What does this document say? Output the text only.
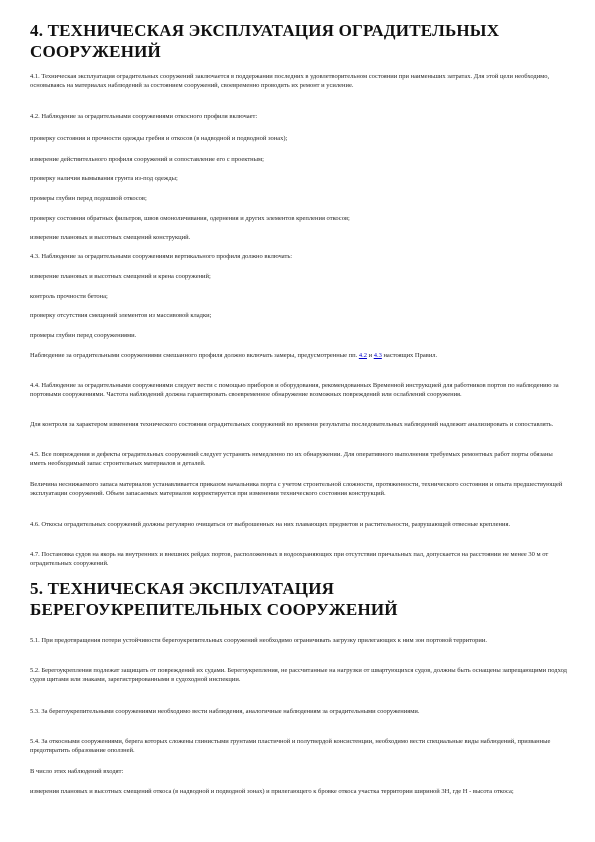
4. ТЕХНИЧЕСКАЯ ЭКСПЛУАТАЦИЯ ОГРАДИТЕЛЬНЫХ
СООРУЖЕНИЙ

4.1. Техническая эксплуатация оградительных сооружений заключается в поддержании последних в удовлетворительном состоянии при наименьших затратах. Для этой цели необходимо, основываясь на материалах наблюдений за состоянием сооружений, своевременно проводить их ремонт и усиление.

4.2. Наблюдение за оградительными сооружениями откосного профиля включает:

проверку состояния и прочности одежды гребня и откосов (в надводной и подводной зонах);

измерение действительного профиля сооружений и сопоставление его с проектным;

проверку наличия вымывания грунта из-под одежды;

промеры глубин перед подошвой откосов;

проверку состояния обратных фильтров, швов омоноличивания, одернения и других элементов крепления откосов;

измерение плановых и высотных смещений конструкций.

4.3. Наблюдение за оградительными сооружениями вертикального профиля должно включать:

измерение плановых и высотных смещений и крена сооружений;

контроль прочности бетона;

проверку отсутствия смещений элементов из массивовой кладки;

промеры глубин перед сооружениями.

Наблюдение за оградительными сооружениями смешанного профиля должно включать замеры, предусмотренные пп. 4.2 и 4.3 настоящих Правил.

4.4. Наблюдение за оградительными сооружениями следует вести с помощью приборов и оборудования, рекомендованных Временной инструкцией для работников портов по наблюдению за портовыми сооружениями. Частота наблюдений должна гарантировать своевременное обнаружение возможных повреждений или ослаблений сооружения.

Для контроля за характером изменения технического состояния оградительных сооружений во времени результаты последовательных наблюдений надлежит анализировать и сопоставлять.

4.5. Все повреждения и дефекты оградительных сооружений следует устранять немедленно по их обнаружении. Для оперативного выполнения требуемых ремонтных работ порты обязаны иметь необходимый запас строительных материалов и деталей.

Величина неснижаемого запаса материалов устанавливается приказом начальника порта с учетом строительной сложности, протяженности, технического состояния и опыта предшествующей эксплуатации сооружений. Объем запасаемых материалов корректируется при изменении технического состояния конструкций.

4.6. Откосы оградительных сооружений должны регулярно очищаться от выброшенных на них плавающих предметов и растительности, разрушающей отвесные крепления.

4.7. Постановка судов на якорь на внутренних и внешних рейдах портов, расположенных в водоохраняющих при отсутствии причальных пал, допускается на расстоянии не менее 30 м от оградительных сооружений.

5. ТЕХНИЧЕСКАЯ ЭКСПЛУАТАЦИЯ
БЕРЕГОУКРЕПИТЕЛЬНЫХ СООРУЖЕНИЙ

5.1. При предотвращения потери устойчивости берегоукрепительных сооружений необходимо ограничивать загрузку прилегающих к ним зон портовой территории.

5.2. Берегоукрепления подлежат защищать от повреждений их судами. Берегоукрепления, не рассчитанные на нагрузки от швартующихся судов, должны быть оснащены запрещающими подход судов щитами или знаками, зарегистрированными в судоходной инспекции.

5.3. За берегоукрепительными сооружениями необходимо вести наблюдения, аналогичные наблюдениям за оградительными сооружениями.

5.4. За откосными сооружениями, берега которых сложены глинистыми грунтами пластичной и полутвердой консистенции, необходимо вести специальные виды наблюдений, призванные предотвратить образование оползней.

В число этих наблюдений входят:

измерения плановых и высотных смещений откоса (в надводной и подводной зонах) и прилегающего к бровке откоса участка территории шириной 3H, где H - высота откоса;
